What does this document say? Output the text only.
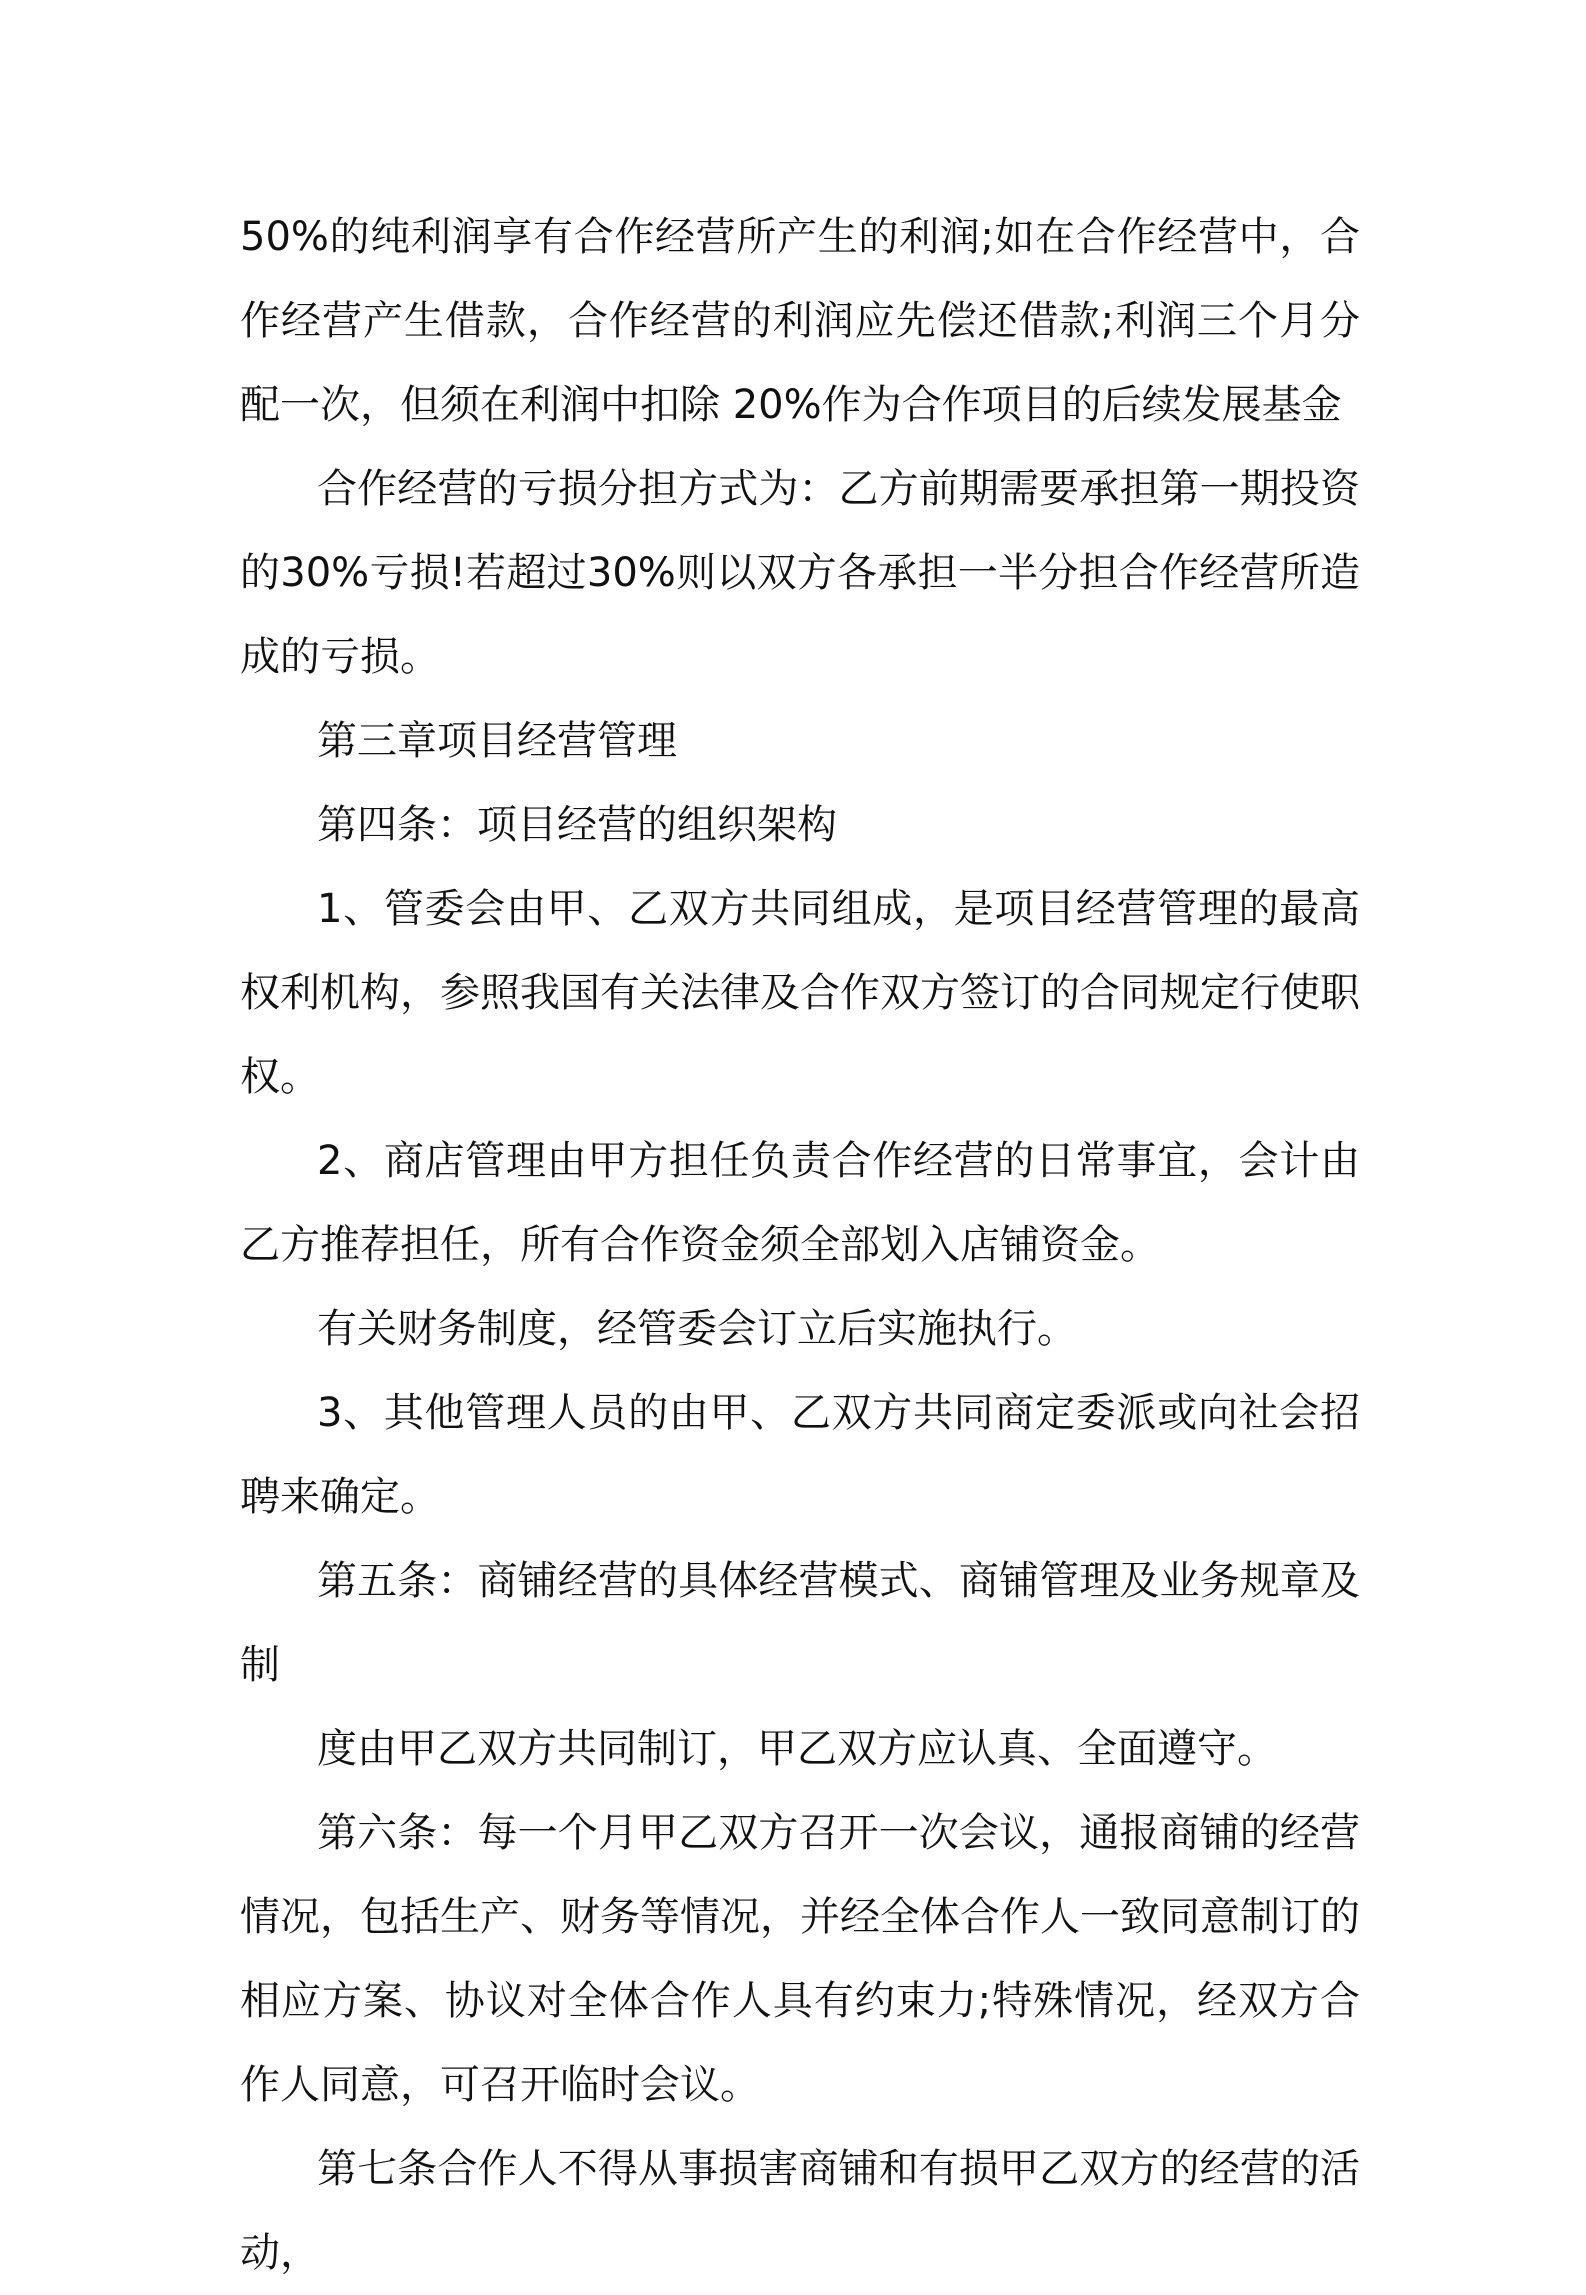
50%的纯利润享有合作经营所产生的利润;如在合作经营中，合作经营产生借款，合作经营的利润应先偿还借款;利润三个月分配一次，但须在利润中扣除 20%作为合作项目的后续发展基金

合作经营的亏损分担方式为：乙方前期需要承担第一期投资的30%亏损!若超过30%则以双方各承担一半分担合作经营所造成的亏损。

第三章项目经营管理

第四条：项目经营的组织架构

1、管委会由甲、乙双方共同组成，是项目经营管理的最高权利机构，参照我国有关法律及合作双方签订的合同规定行使职权。

2、商店管理由甲方担任负责合作经营的日常事宜，会计由乙方推荐担任，所有合作资金须全部划入店铺资金。

有关财务制度，经管委会订立后实施执行。

3、其他管理人员的由甲、乙双方共同商定委派或向社会招聘来确定。

第五条：商铺经营的具体经营模式、商铺管理及业务规章及制

度由甲乙双方共同制订，甲乙双方应认真、全面遵守。

第六条：每一个月甲乙双方召开一次会议，通报商铺的经营情况，包括生产、财务等情况，并经全体合作人一致同意制订的相应方案、协议对全体合作人具有约束力;特殊情况，经双方合作人同意，可召开临时会议。

第七条合作人不得从事损害商铺和有损甲乙双方的经营的活动，
